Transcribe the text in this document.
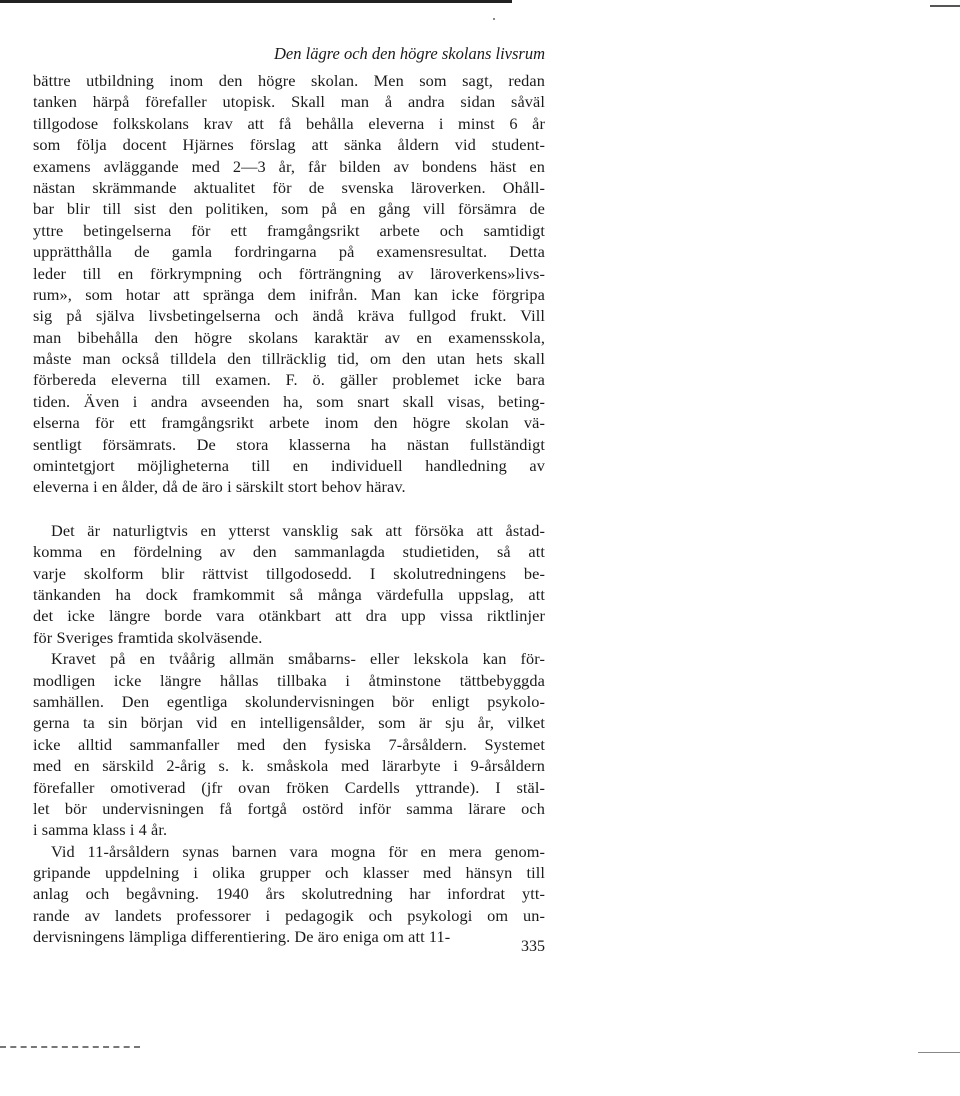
Den lägre och den högre skolans livsrum
bättre utbildning inom den högre skolan. Men som sagt, redan
tanken härpå förefaller utopisk. Skall man å andra sidan såväl
tillgodose folkskolans krav att få behålla eleverna i minst 6 år
som följa docent Hjärnes förslag att sänka åldern vid student-
examens avläggande med 2—3 år, får bilden av bondens häst en
nästan skrämmande aktualitet för de svenska läroverken. Ohåll-
bar blir till sist den politiken, som på en gång vill försämra de
yttre betingelserna för ett framgångsrikt arbete och samtidigt
upprätthålla de gamla fordringarna på examensresultat. Detta
leder till en förkrympning och förträngning av läroverkens»livs-
rum», som hotar att spränga dem inifrån. Man kan icke förgripa
sig på själva livsbetingelserna och ändå kräva fullgod frukt. Vill
man bibehålla den högre skolans karaktär av en examensskola,
måste man också tilldela den tillräcklig tid, om den utan hets skall
förbereda eleverna till examen. F. ö. gäller problemet icke bara
tiden. Även i andra avseenden ha, som snart skall visas, beting-
elserna för ett framgångsrikt arbete inom den högre skolan vä-
sentligt försämrats. De stora klasserna ha nästan fullständigt
omintetgjort möjligheterna till en individuell handledning av
eleverna i en ålder, då de äro i särskilt stort behov härav.
Det är naturligtvis en ytterst vansklig sak att försöka att åstad-
komma en fördelning av den sammanlagda studietiden, så att
varje skolform blir rättvist tillgodosedd. I skolutredningens be-
tänkanden ha dock framkommit så många värdefulla uppslag, att
det icke längre borde vara otänkbart att dra upp vissa riktlinjer
för Sveriges framtida skolväsende.
Kravet på en tvåårig allmän småbarns- eller lekskola kan för-
modligen icke längre hållas tillbaka i åtminstone tättbebyggda
samhällen. Den egentliga skolundervisningen bör enligt psykolo-
gerna ta sin början vid en intelligensålder, som är sju år, vilket
icke alltid sammanfaller med den fysiska 7-årsåldern. Systemet
med en särskild 2-årig s. k. småskola med lärarbyte i 9-årsåldern
förefaller omotiverad (jfr ovan fröken Cardells yttrande). I stäl-
let bör undervisningen få fortgå ostörd inför samma lärare och
i samma klass i 4 år.
Vid 11-årsåldern synas barnen vara mogna för en mera genom-
gripande uppdelning i olika grupper och klasser med hänsyn till
anlag och begåvning. 1940 års skolutredning har infordrat ytt-
rande av landets professorer i pedagogik och psykologi om un-
dervisningens lämpliga differentiering. De äro eniga om att 11-
335
